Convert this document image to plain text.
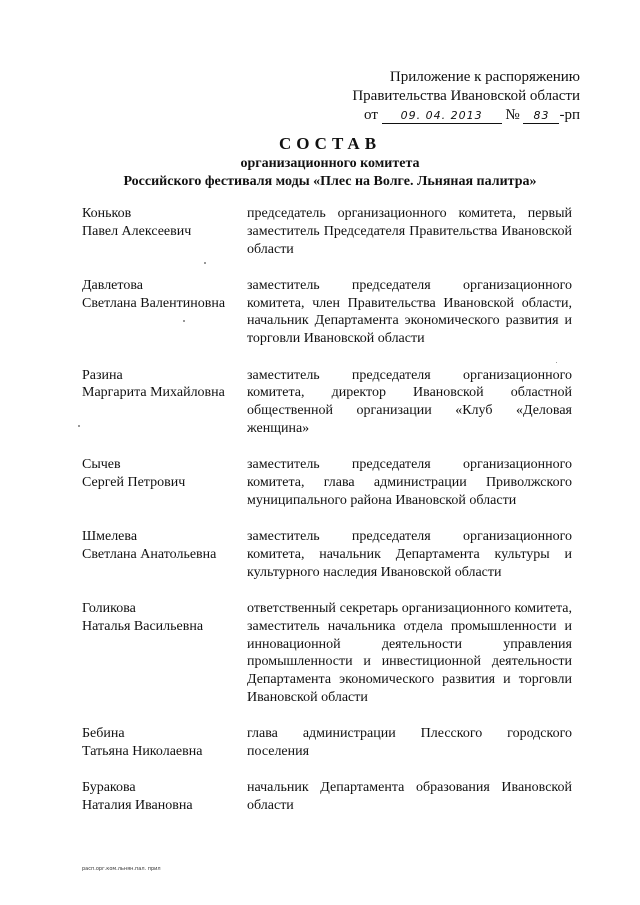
Приложение к распоряжению
Правительства Ивановской области
от 09. 04. 2013 № 83 -рп
СОСТАВ
организационного комитета
Российского фестиваля моды «Плес на Волге. Льняная палитра»
Коньков
Павел Алексеевич
председатель организационного комитета, первый заместитель Председателя Правительства Ивановской области
Давлетова
Светлана Валентиновна
заместитель председателя организационного комитета, член Правительства Ивановской области, начальник Департамента экономического развития и торговли Ивановской области
Разина
Маргарита Михайловна
заместитель председателя организационного комитета, директор Ивановской областной общественной организации «Клуб «Деловая женщина»
Сычев
Сергей Петрович
заместитель председателя организационного комитета, глава администрации Приволжского муниципального района Ивановской области
Шмелева
Светлана Анатольевна
заместитель председателя организационного комитета, начальник Департамента культуры и культурного наследия Ивановской области
Голикова
Наталья Васильевна
ответственный секретарь организационного комитета, заместитель начальника отдела промышленности и инновационной деятельности управления промышленности и инвестиционной деятельности Департамента экономического развития и торговли Ивановской области
Бебина
Татьяна Николаевна
глава администрации Плесского городского поселения
Буракова
Наталия Ивановна
начальник Департамента образования Ивановской области
расп.орг.ком.льнян.пал. прил
